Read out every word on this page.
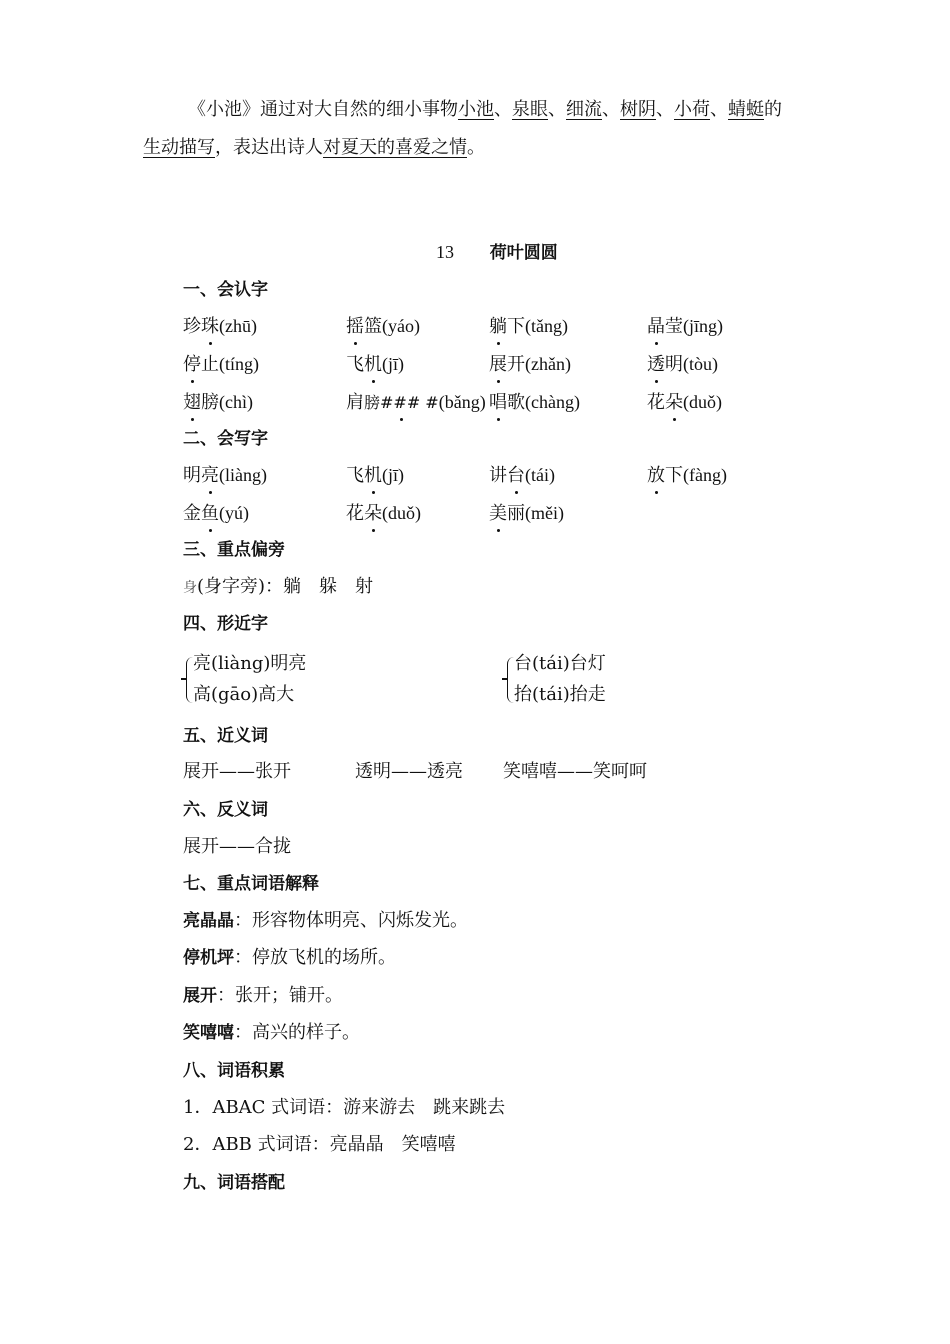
《小池》通过对大自然的细小事物小池、泉眼、细流、树阴、小荷、蜻蜓的
生动描写，表达出诗人对夏天的喜爱之情。
13 荷叶圆圆
一、会认字
珍珠(zhū)	摇篮(yáo)	躺下(tǎng)	晶莹(jīng)
停止(tíng)	飞机(jī)	展开(zhǎn)	透明(tòu)
翅膀(chì)	肩膀### #(bǎng) 唱歌(chàng)	花朵(duǒ)
二、会写字
明亮(liàng)	飞机(jī)	讲台(tái)	放下(fàng)
金鱼(yú)	花朵(duǒ)	美丽(měi)
三、重点偏旁
身(身字旁)：躺　躲　射
四、形近字
亮(liàng)明亮
高(gāo)高大
台(tái)台灯
抬(tái)抬走
五、近义词
展开——张开	透明——透亮 笑嘻嘻——笑呵呵
六、反义词
展开——合拢
七、重点词语解释
亮晶晶：形容物体明亮、闪烁发光。
停机坪：停放飞机的场所。
展开：张开；铺开。
笑嘻嘻：高兴的样子。
八、词语积累
1．ABAC 式词语：游来游去　跳来跳去
2．ABB 式词语：亮晶晶　笑嘻嘻
九、词语搭配
